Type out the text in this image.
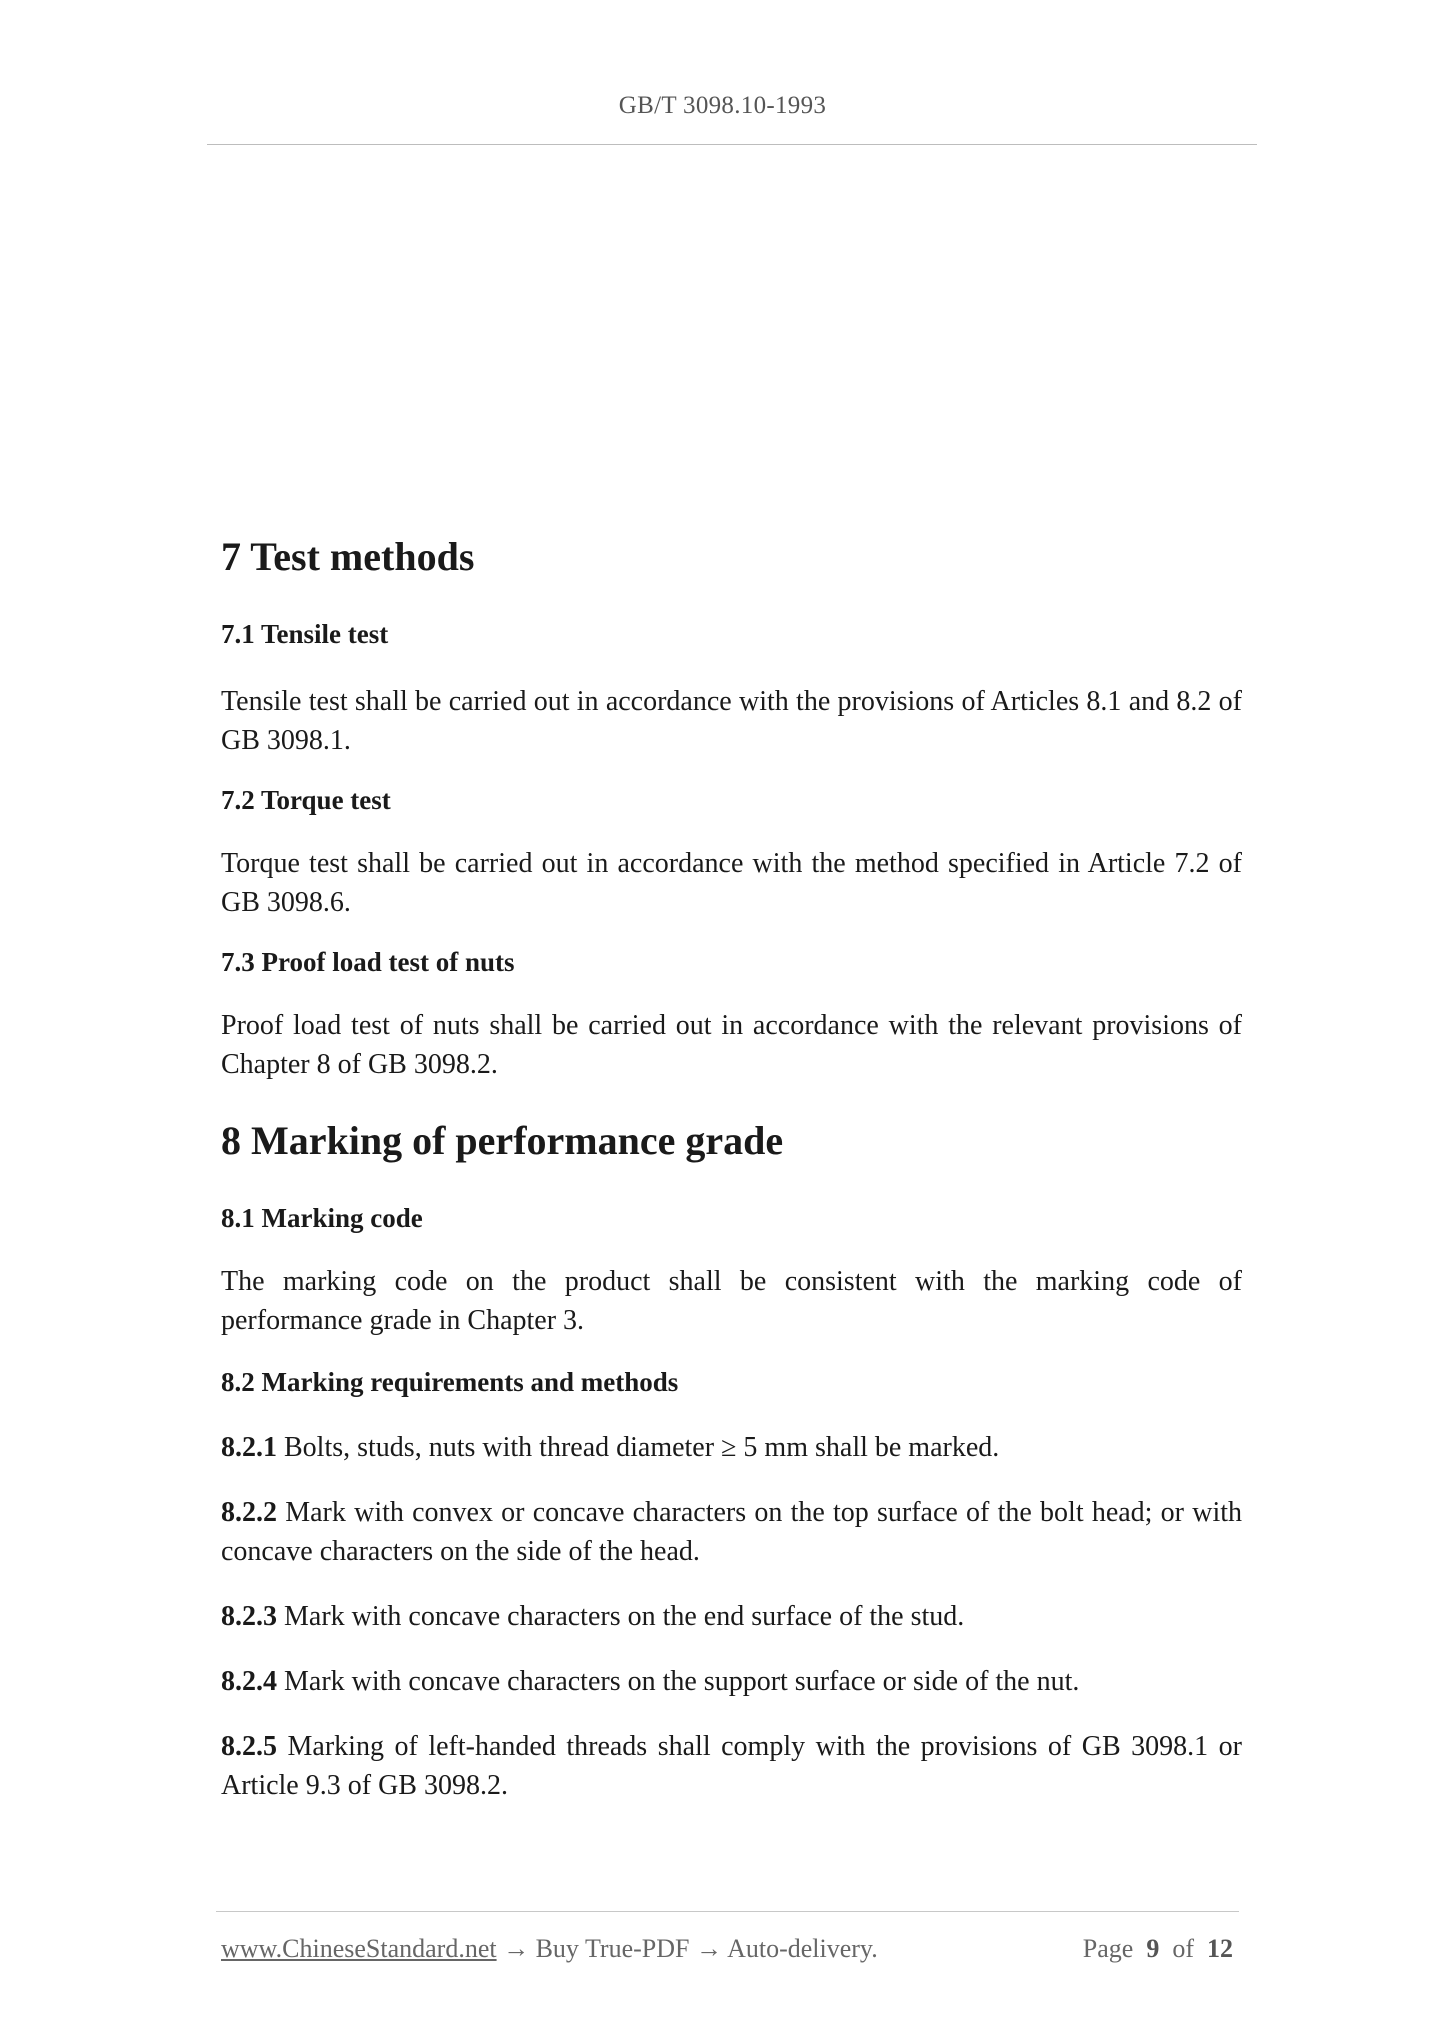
GB/T 3098.10-1993
7 Test methods
7.1 Tensile test

Tensile test shall be carried out in accordance with the provisions of Articles 8.1 and 8.2 of GB 3098.1.

7.2 Torque test

Torque test shall be carried out in accordance with the method specified in Article 7.2 of GB 3098.6.

7.3 Proof load test of nuts

Proof load test of nuts shall be carried out in accordance with the relevant provisions of Chapter 8 of GB 3098.2.

8 Marking of performance grade
8.1 Marking code

The marking code on the product shall be consistent with the marking code of performance grade in Chapter 3.

8.2 Marking requirements and methods

8.2.1 Bolts, studs, nuts with thread diameter ≥ 5 mm shall be marked.

8.2.2 Mark with convex or concave characters on the top surface of the bolt head; or with concave characters on the side of the head.

8.2.3 Mark with concave characters on the end surface of the stud.

8.2.4 Mark with concave characters on the support surface or side of the nut.

8.2.5 Marking of left-handed threads shall comply with the provisions of GB 3098.1 or Article 9.3 of GB 3098.2.

www.ChineseStandard.net → Buy True-PDF → Auto-delivery.	Page 9 of 12
